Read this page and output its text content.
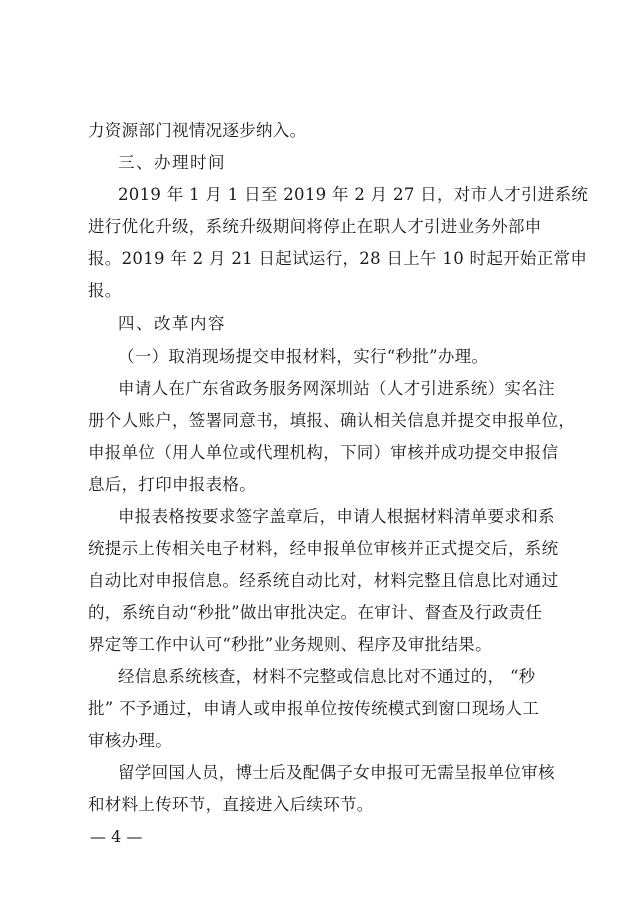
力资源部门视情况逐步纳入。
三、办理时间
2019 年 1 月 1 日至 2019 年 2 月 27 日，对市人才引进系统
进行优化升级，系统升级期间将停止在职人才引进业务外部申
报。2019 年 2 月 21 日起试运行，28 日上午 10 时起开始正常申
报。
四、改革内容
（一）取消现场提交申报材料，实行“秒批”办理。
申请人在广东省政务服务网深圳站（人才引进系统）实名注
册个人账户，签署同意书，填报、确认相关信息并提交申报单位，
申报单位（用人单位或代理机构，下同）审核并成功提交申报信
息后，打印申报表格。
申报表格按要求签字盖章后，申请人根据材料清单要求和系
统提示上传相关电子材料，经申报单位审核并正式提交后，系统
自动比对申报信息。经系统自动比对，材料完整且信息比对通过
的，系统自动“秒批”做出审批决定。在审计、督查及行政责任
界定等工作中认可“秒批”业务规则、程序及审批结果。
经信息系统核查，材料不完整或信息比对不通过的， “秒
批” 不予通过，申请人或申报单位按传统模式到窗口现场人工
审核办理。
留学回国人员，博士后及配偶子女申报可无需呈报单位审核
和材料上传环节，直接进入后续环节。
— 4 —
